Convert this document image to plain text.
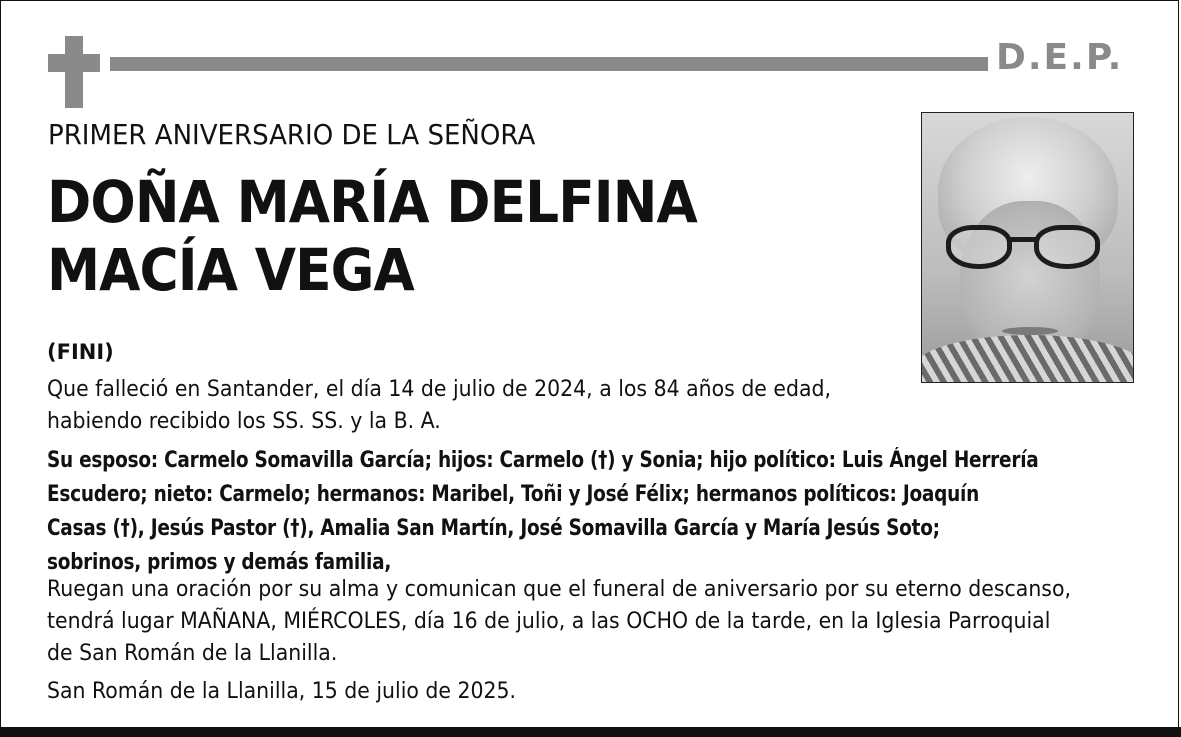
D.E.P.
PRIMER ANIVERSARIO DE LA SEÑORA
DOÑA MARÍA DELFINA
MACÍA VEGA
(FINI)
Que falleció en Santander, el día 14 de julio de 2024, a los 84 años de edad,
habiendo recibido los SS. SS. y la B. A.
Su esposo: Carmelo Somavilla García; hijos: Carmelo (†) y Sonia; hijo político: Luis Ángel Herrería
Escudero; nieto: Carmelo; hermanos: Maribel, Toñi y José Félix; hermanos políticos: Joaquín
Casas (†), Jesús Pastor (†), Amalia San Martín, José Somavilla García y María Jesús Soto;
sobrinos, primos y demás familia,
Ruegan una oración por su alma y comunican que el funeral de aniversario por su eterno descanso,
tendrá lugar MAÑANA, MIÉRCOLES, día 16 de julio, a las OCHO de la tarde, en la Iglesia Parroquial
de San Román de la Llanilla.
San Román de la Llanilla, 15 de julio de 2025.
